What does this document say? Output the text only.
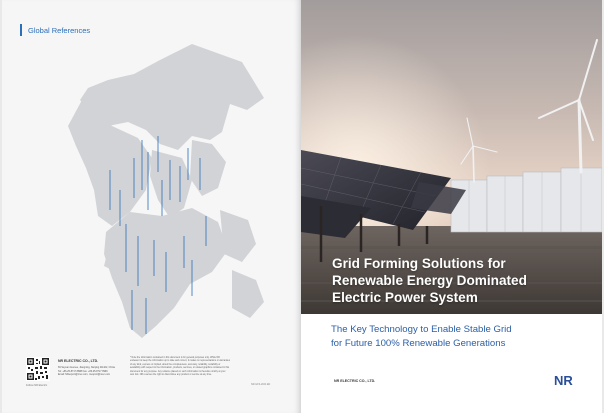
Global References
Follow NR Electric
NR ELECTRIC CO., LTD.
69 Suyuan Avenue, Jiangning, Nanjing 211102, China
Tel: +86-25-8717 8888 Fax: +86-25-8717 8999
Email: NRexport@nrec.com, nrexport@nrec.com
* Note the information contained in this document is for general purposes only. While NR endeavor to keep the information up to date and correct, it makes no representations or warranties of any kind, express or implied, about the completeness, accuracy, reliability, suitability or availability with respect to the information, products, services, or related graphics contained in this document for any purpose. Any reliance placed on such information is therefore strictly at your own risk. NR reserves the right to discontinue any product or service at any time.
NR-GFS-2024 EN
Grid Forming Solutions for
Renewable Energy Dominated
Electric Power System
The Key Technology to Enable Stable Grid
for Future 100% Renewable Generations
NR ELECTRIC CO., LTD.	NR
